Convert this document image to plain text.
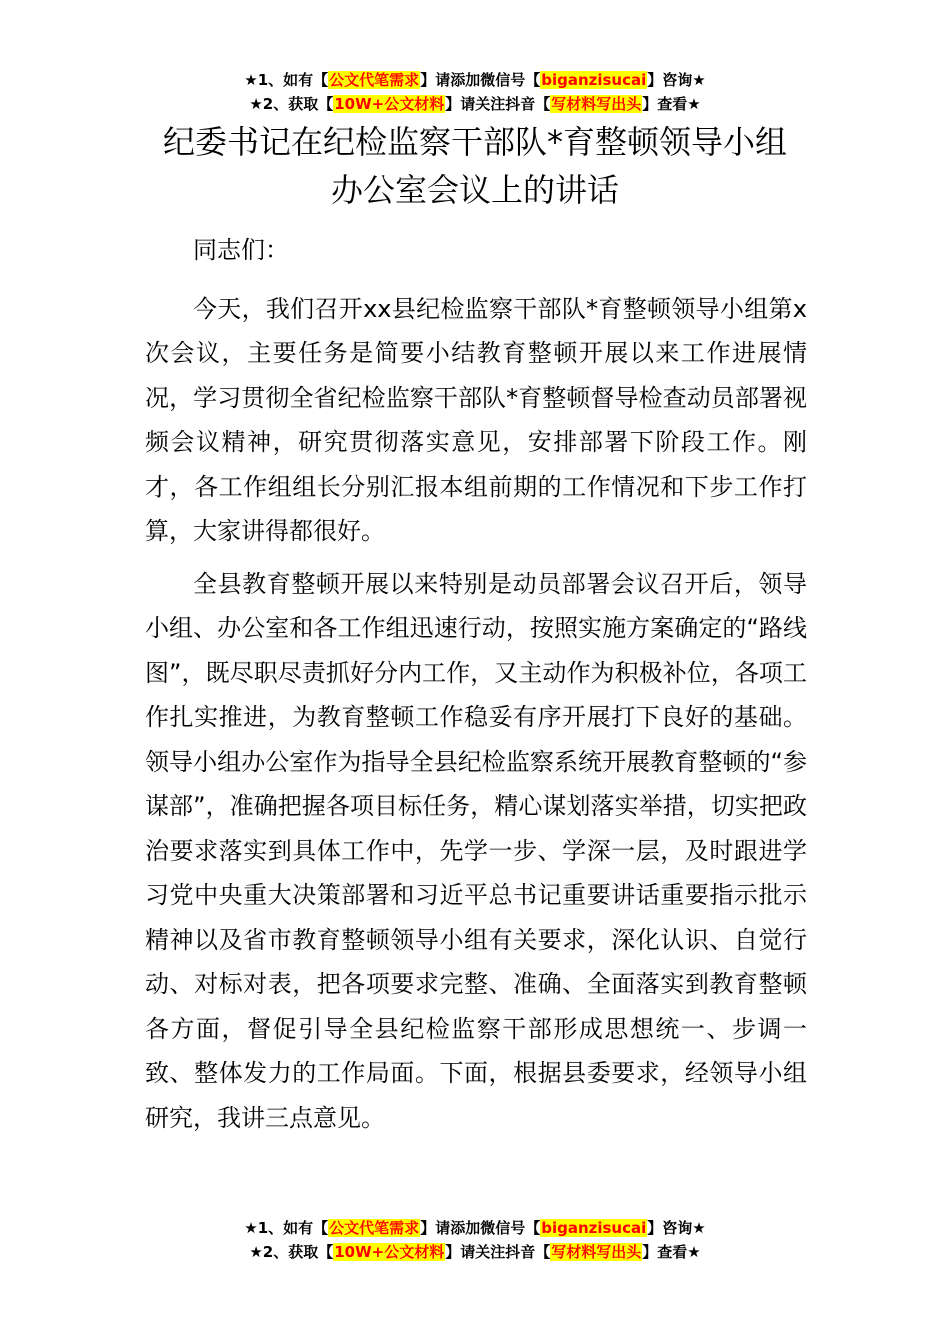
★1、如有【公文代笔需求】请添加微信号【biganzisucai】咨询★
★2、获取【10W+公文材料】请关注抖音【写材料写出头】查看★
纪委书记在纪检监察干部队*育整顿领导小组
办公室会议上的讲话

同志们：

今天，我们召开xx县纪检监察干部队*育整顿领导小组第x次会议，主要任务是简要小结教育整顿开展以来工作进展情况，学习贯彻全省纪检监察干部队*育整顿督导检查动员部署视频会议精神，研究贯彻落实意见，安排部署下阶段工作。刚才，各工作组组长分别汇报本组前期的工作情况和下步工作打算，大家讲得都很好。

全县教育整顿开展以来特别是动员部署会议召开后，领导小组、办公室和各工作组迅速行动，按照实施方案确定的“路线图”，既尽职尽责抓好分内工作，又主动作为积极补位，各项工作扎实推进，为教育整顿工作稳妥有序开展打下良好的基础。领导小组办公室作为指导全县纪检监察系统开展教育整顿的“参谋部”，准确把握各项目标任务，精心谋划落实举措，切实把政治要求落实到具体工作中，先学一步、学深一层，及时跟进学习党中央重大决策部署和习近平总书记重要讲话重要指示批示精神以及省市教育整顿领导小组有关要求，深化认识、自觉行动、对标对表，把各项要求完整、准确、全面落实到教育整顿各方面，督促引导全县纪检监察干部形成思想统一、步调一致、整体发力的工作局面。下面，根据县委要求，经领导小组研究，我讲三点意见。

★1、如有【公文代笔需求】请添加微信号【biganzisucai】咨询★
★2、获取【10W+公文材料】请关注抖音【写材料写出头】查看★
